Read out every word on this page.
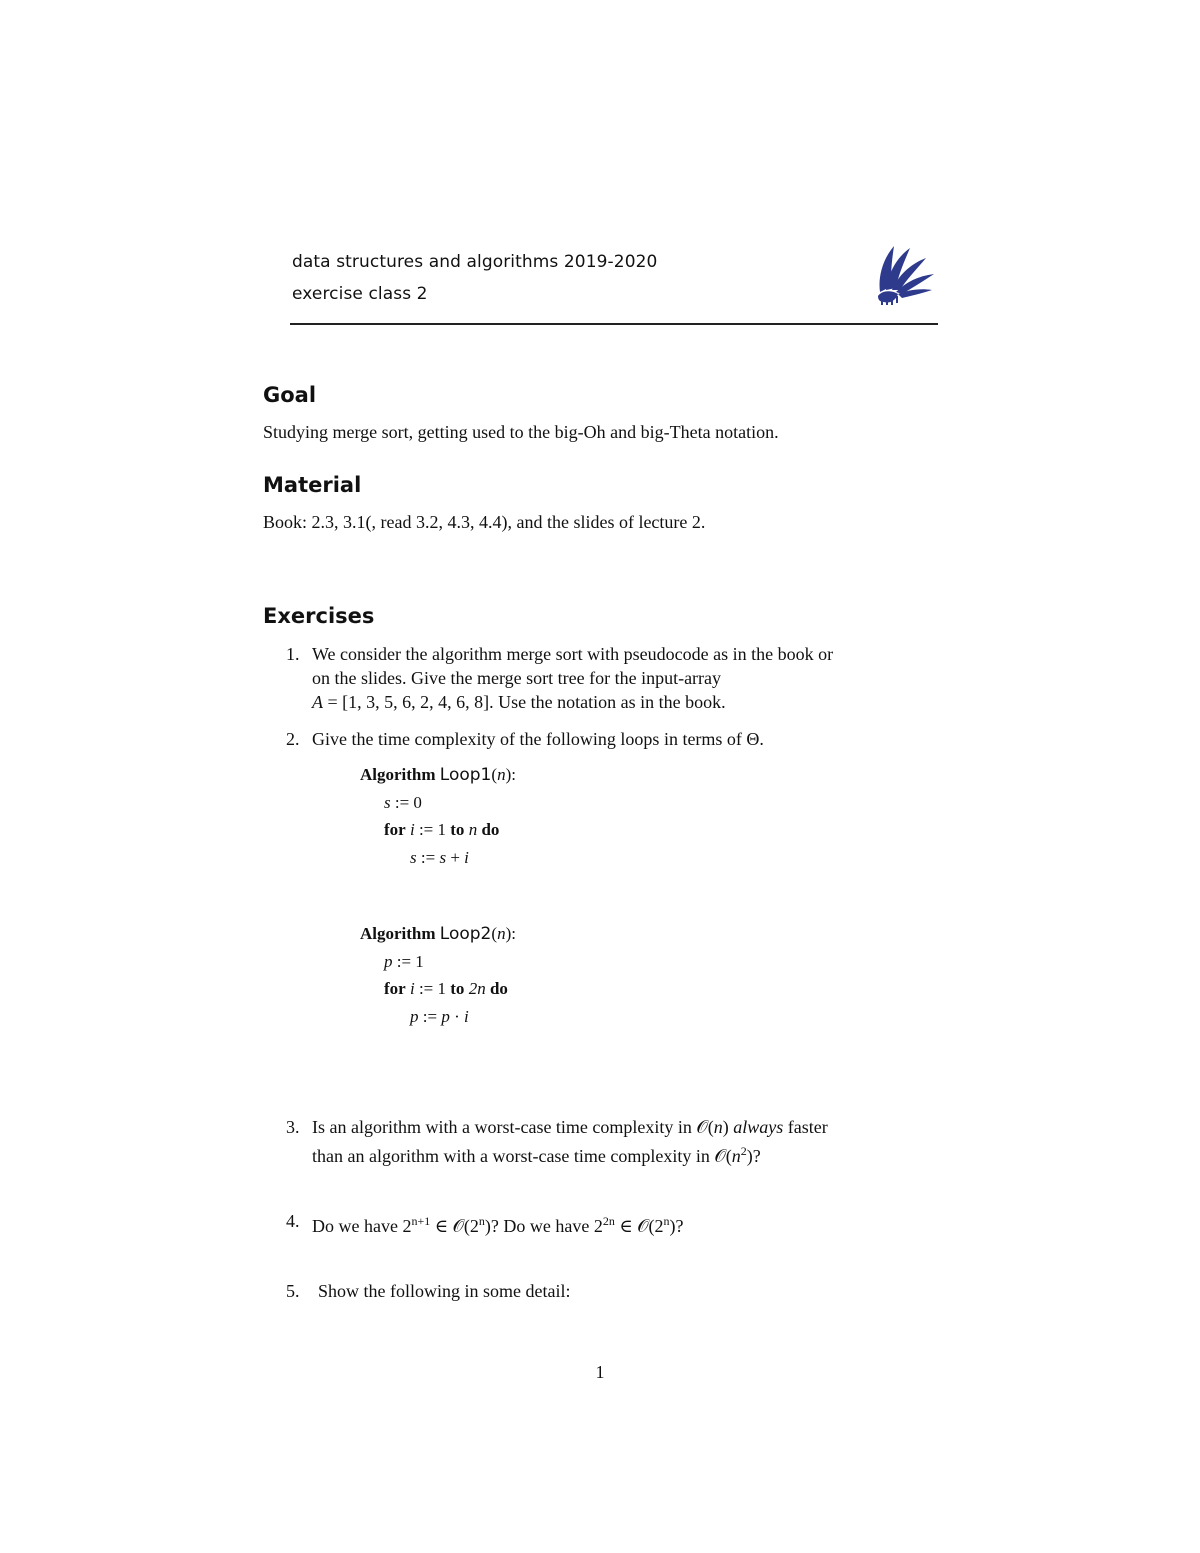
data structures and algorithms 2019-2020
exercise class 2
Goal
Studying merge sort, getting used to the big-Oh and big-Theta notation.
Material
Book: 2.3, 3.1(, read 3.2, 4.3, 4.4), and the slides of lecture 2.
Exercises
1. We consider the algorithm merge sort with pseudocode as in the book or
on the slides. Give the merge sort tree for the input-array
A = [1, 3, 5, 6, 2, 4, 6, 8]. Use the notation as in the book.
2. Give the time complexity of the following loops in terms of Θ.
Algorithm Loop1(n):
s := 0
for i := 1 to n do
s := s + i
Algorithm Loop2(n):
p := 1
for i := 1 to 2n do
p := p · i
3. Is an algorithm with a worst-case time complexity in 𝒪(n) always faster
than an algorithm with a worst-case time complexity in $𝒪(n^2)$?
4. Do we have $2^{n+1}$ ∈ 𝒪(2$^n$)? Do we have $2^{2n}$ ∈ 𝒪(2$^n$)?
5. Show the following in some detail:
1
